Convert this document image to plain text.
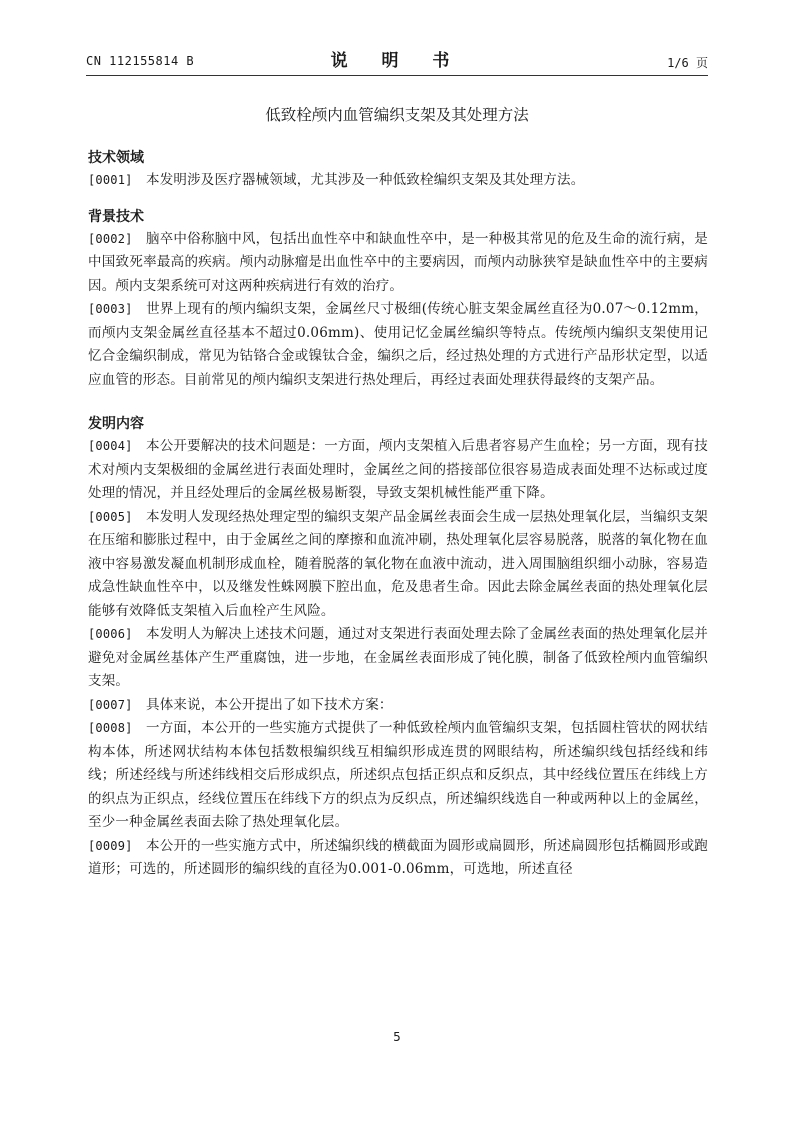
CN 112155814 B	说 明 书	1/6 页
低致栓颅内血管编织支架及其处理方法
技术领域

[0001] 本发明涉及医疗器械领域，尤其涉及一种低致栓编织支架及其处理方法。

背景技术

[0002] 脑卒中俗称脑中风，包括出血性卒中和缺血性卒中，是一种极其常见的危及生命的流行病，是中国致死率最高的疾病。颅内动脉瘤是出血性卒中的主要病因，而颅内动脉狭窄是缺血性卒中的主要病因。颅内支架系统可对这两种疾病进行有效的治疗。

[0003] 世界上现有的颅内编织支架，金属丝尺寸极细(传统心脏支架金属丝直径为0.07～0.12mm，而颅内支架金属丝直径基本不超过0.06mm)、使用记忆金属丝编织等特点。传统颅内编织支架使用记忆合金编织制成，常见为钴铬合金或镍钛合金，编织之后，经过热处理的方式进行产品形状定型，以适应血管的形态。目前常见的颅内编织支架进行热处理后，再经过表面处理获得最终的支架产品。

发明内容

[0004] 本公开要解决的技术问题是：一方面，颅内支架植入后患者容易产生血栓；另一方面，现有技术对颅内支架极细的金属丝进行表面处理时，金属丝之间的搭接部位很容易造成表面处理不达标或过度处理的情况，并且经处理后的金属丝极易断裂，导致支架机械性能严重下降。

[0005] 本发明人发现经热处理定型的编织支架产品金属丝表面会生成一层热处理氧化层，当编织支架在压缩和膨胀过程中，由于金属丝之间的摩擦和血流冲刷，热处理氧化层容易脱落，脱落的氧化物在血液中容易激发凝血机制形成血栓，随着脱落的氧化物在血液中流动，进入周围脑组织细小动脉，容易造成急性缺血性卒中，以及继发性蛛网膜下腔出血，危及患者生命。因此去除金属丝表面的热处理氧化层能够有效降低支架植入后血栓产生风险。

[0006] 本发明人为解决上述技术问题，通过对支架进行表面处理去除了金属丝表面的热处理氧化层并避免对金属丝基体产生严重腐蚀，进一步地，在金属丝表面形成了钝化膜，制备了低致栓颅内血管编织支架。

[0007] 具体来说，本公开提出了如下技术方案：

[0008] 一方面，本公开的一些实施方式提供了一种低致栓颅内血管编织支架，包括圆柱管状的网状结构本体，所述网状结构本体包括数根编织线互相编织形成连贯的网眼结构，所述编织线包括经线和纬线；所述经线与所述纬线相交后形成织点，所述织点包括正织点和反织点，其中经线位置压在纬线上方的织点为正织点，经线位置压在纬线下方的织点为反织点，所述编织线选自一种或两种以上的金属丝，至少一种金属丝表面去除了热处理氧化层。

[0009] 本公开的一些实施方式中，所述编织线的横截面为圆形或扁圆形，所述扁圆形包括椭圆形或跑道形；可选的，所述圆形的编织线的直径为0.001-0.06mm，可选地，所述直径

5
